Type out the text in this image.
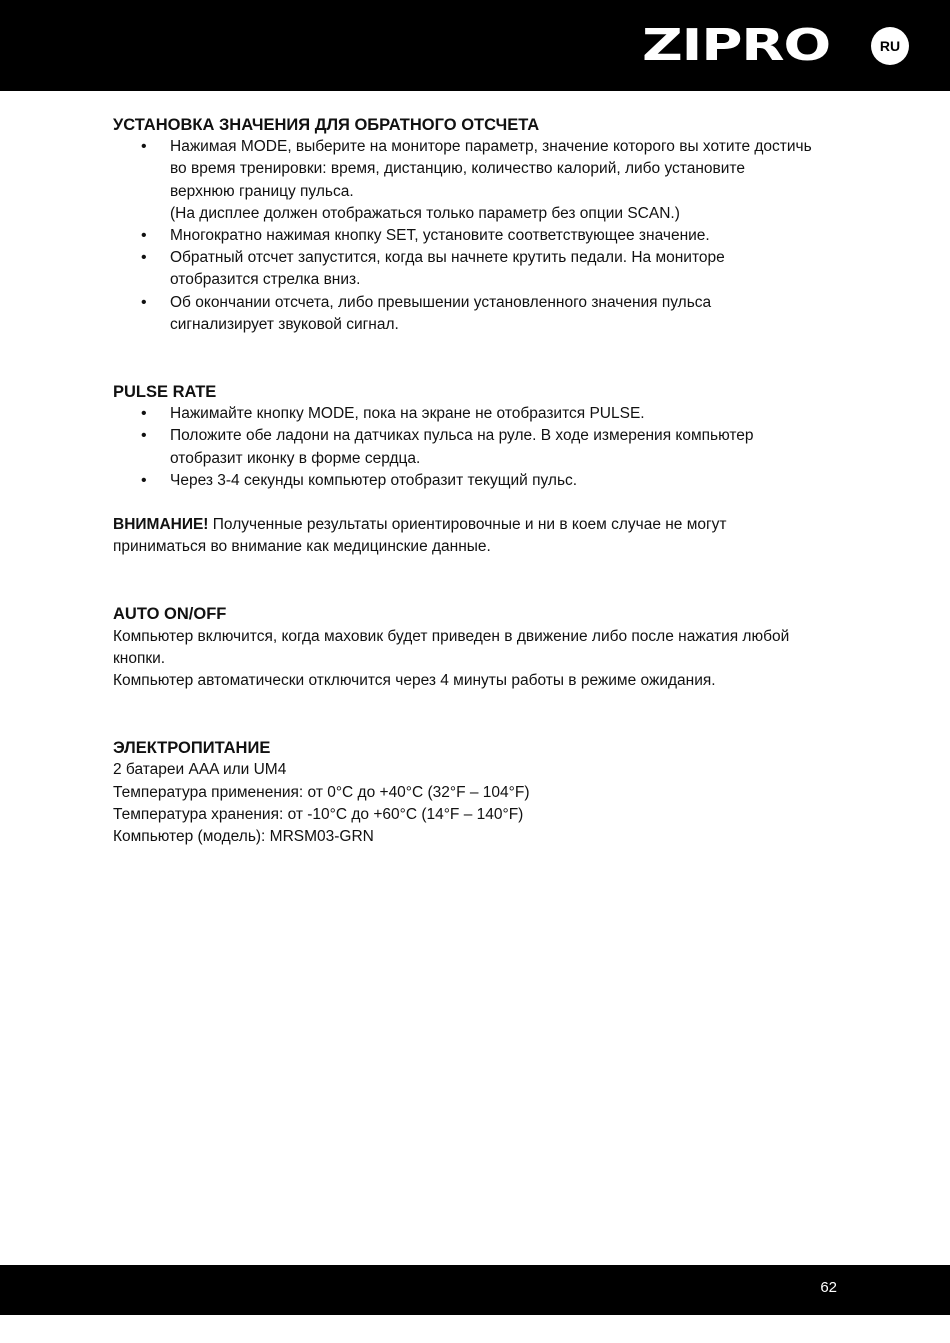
ZIPRO	RU
УСТАНОВКА ЗНАЧЕНИЯ ДЛЯ ОБРАТНОГО ОТСЧЕТА
• Нажимая MODE, выберите на мониторе параметр, значение которого вы хотите достичь во время тренировки: время, дистанцию, количество калорий, либо установите верхнюю границу пульса.
(На дисплее должен отображаться только параметр без опции SCAN.)
• Многократно нажимая кнопку SET, установите соответствующее значение.
• Обратный отсчет запустится, когда вы начнете крутить педали. На мониторе отобразится стрелка вниз.
• Об окончании отсчета, либо превышении установленного значения пульса сигнализирует звуковой сигнал.
PULSE RATE
• Нажимайте кнопку MODE, пока на экране не отобразится PULSE.
• Положите обе ладони на датчиках пульса на руле. В ходе измерения компьютер отобразит иконку в форме сердца.
• Через 3-4 секунды компьютер отобразит текущий пульс.

ВНИМАНИЕ! Полученные результаты ориентировочные и ни в коем случае не могут приниматься во внимание как медицинские данные.

AUTO ON/OFF

Компьютер включится, когда маховик будет приведен в движение либо после нажатия любой кнопки.
Компьютер автоматически отключится через 4 минуты работы в режиме ожидания.

ЭЛЕКТРОПИТАНИЕ

2 батареи AAA или UM4
Температура применения: от 0°C до +40°C (32°F – 104°F)
Температура хранения: от -10°C до +60°C (14°F – 140°F)
Компьютер (модель): MRSM03-GRN

62
